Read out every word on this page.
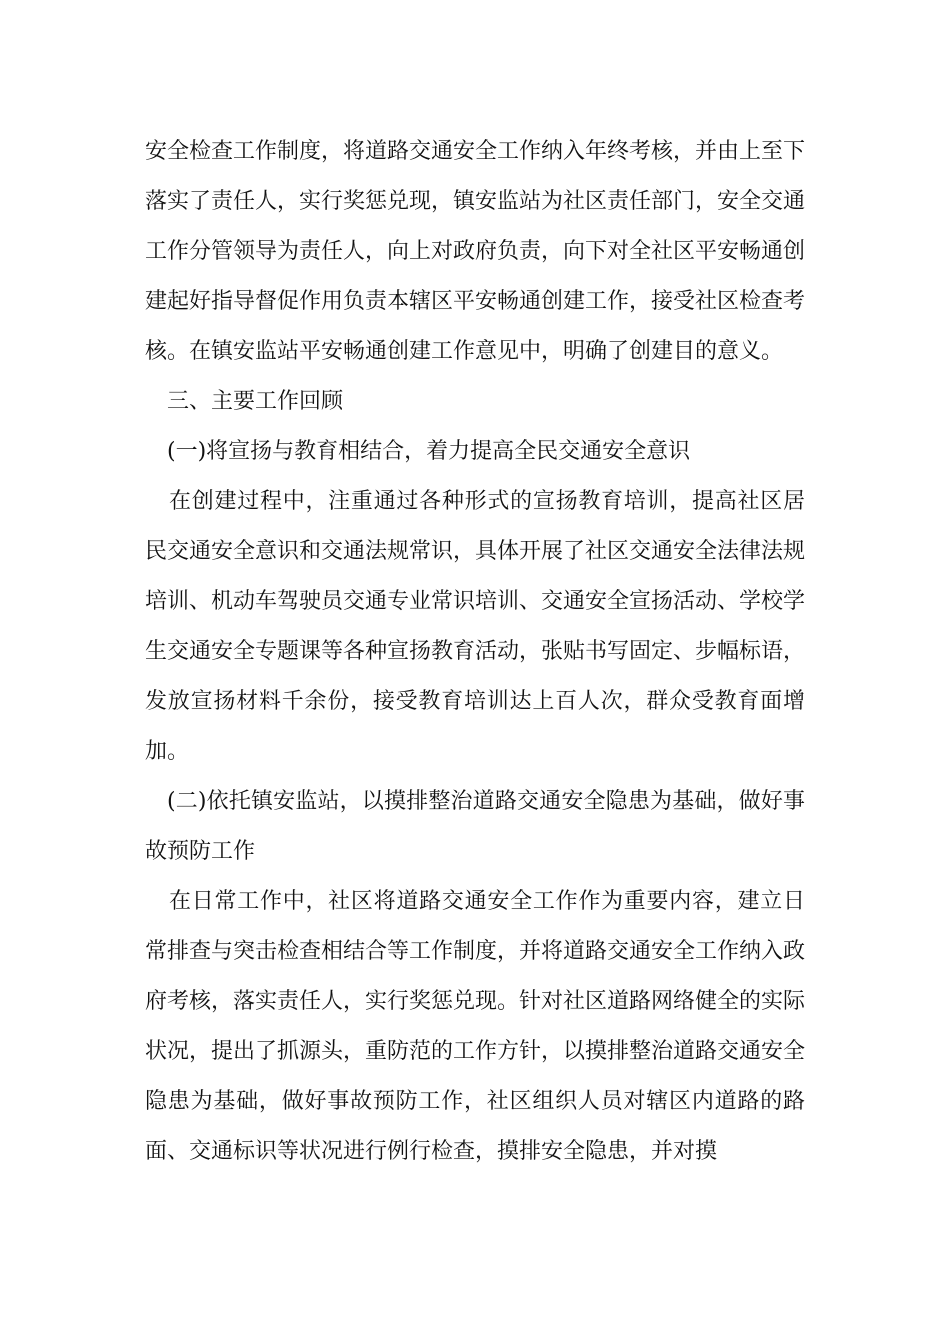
安全检查工作制度，将道路交通安全工作纳入年终考核，并由上至下落实了责任人，实行奖惩兑现，镇安监站为社区责任部门，安全交通工作分管领导为责任人，向上对政府负责，向下对全社区平安畅通创建起好指导督促作用负责本辖区平安畅通创建工作，接受社区检查考核。在镇安监站平安畅通创建工作意见中，明确了创建目的意义。

三、主要工作回顾

(一)将宣扬与教育相结合，着力提高全民交通安全意识

在创建过程中，注重通过各种形式的宣扬教育培训，提高社区居民交通安全意识和交通法规常识，具体开展了社区交通安全法律法规培训、机动车驾驶员交通专业常识培训、交通安全宣扬活动、学校学生交通安全专题课等各种宣扬教育活动，张贴书写固定、步幅标语，发放宣扬材料千余份，接受教育培训达上百人次，群众受教育面增加。

(二)依托镇安监站，以摸排整治道路交通安全隐患为基础，做好事故预防工作

在日常工作中，社区将道路交通安全工作作为重要内容，建立日常排查与突击检查相结合等工作制度，并将道路交通安全工作纳入政府考核，落实责任人，实行奖惩兑现。针对社区道路网络健全的实际状况，提出了抓源头，重防范的工作方针，以摸排整治道路交通安全隐患为基础，做好事故预防工作，社区组织人员对辖区内道路的路面、交通标识等状况进行例行检查，摸排安全隐患，并对摸
